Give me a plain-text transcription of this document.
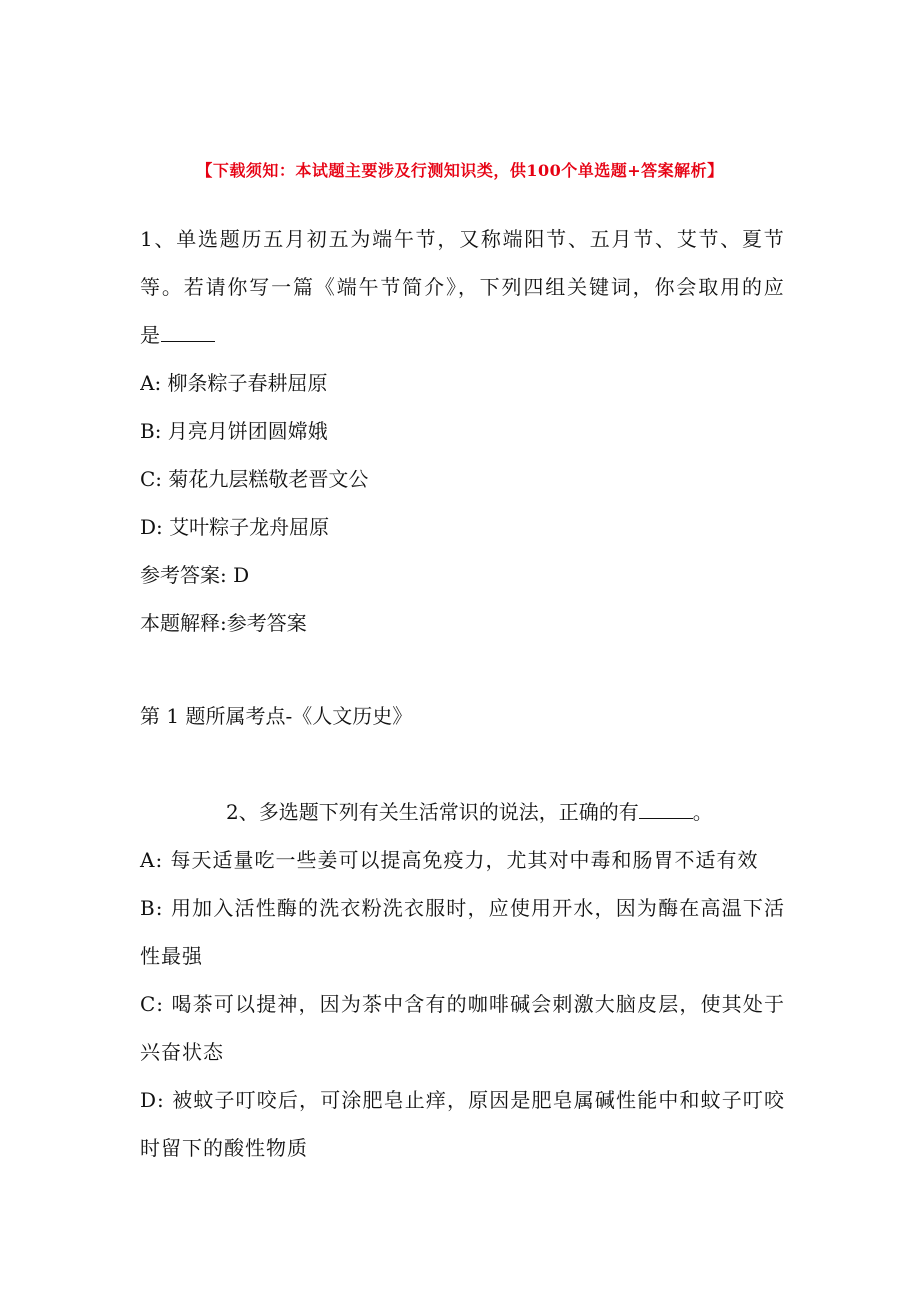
【下载须知：本试题主要涉及行测知识类，供100个单选题+答案解析】
1、单选题历五月初五为端午节，又称端阳节、五月节、艾节、夏节等。若请你写一篇《端午节简介》，下列四组关键词，你会取用的应是
A: 柳条粽子春耕屈原
B: 月亮月饼团圆嫦娥
C: 菊花九层糕敬老晋文公
D: 艾叶粽子龙舟屈原
参考答案: D
本题解释:参考答案
第 1 题所属考点-《人文历史》
2、多选题下列有关生活常识的说法，正确的有	。
A: 每天适量吃一些姜可以提高免疫力，尤其对中毒和肠胃不适有效
B: 用加入活性酶的洗衣粉洗衣服时，应使用开水，因为酶在高温下活性最强
C: 喝茶可以提神，因为茶中含有的咖啡碱会刺激大脑皮层，使其处于兴奋状态
D: 被蚊子叮咬后，可涂肥皂止痒，原因是肥皂属碱性能中和蚊子叮咬时留下的酸性物质
